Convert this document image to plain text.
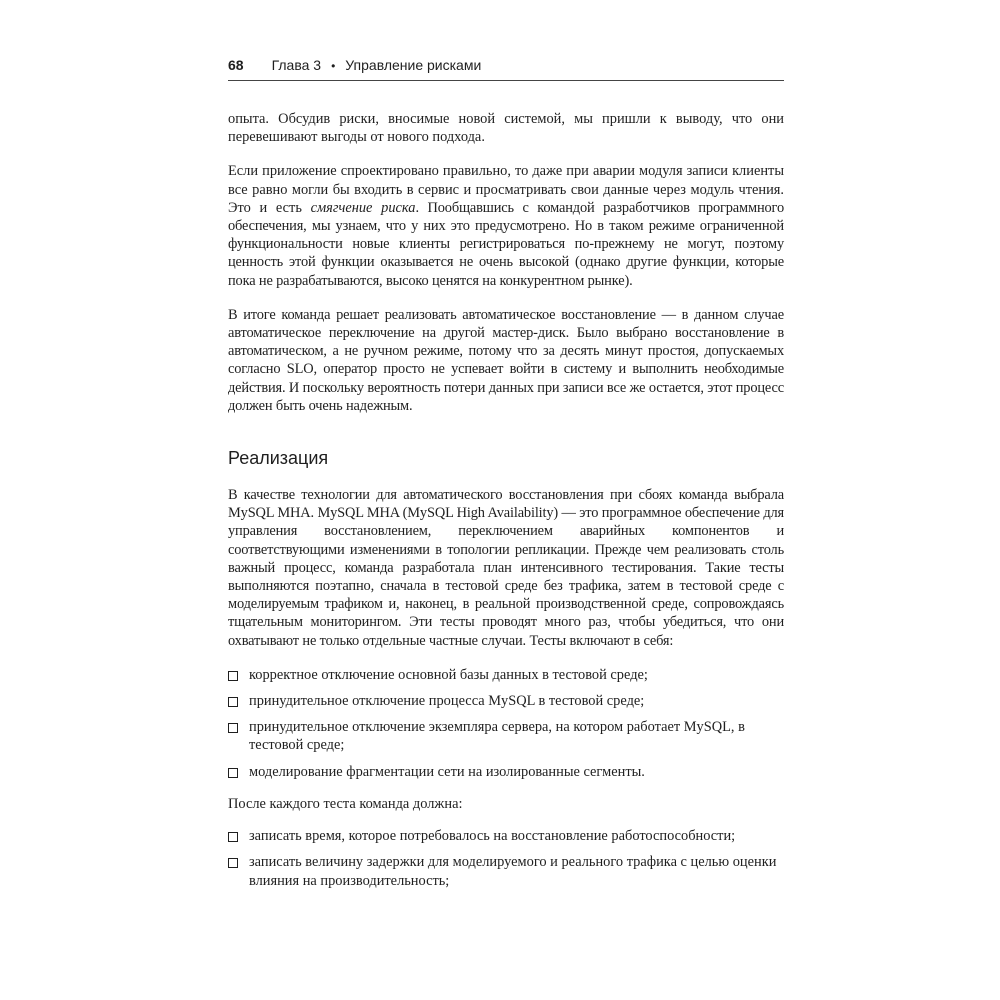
68 Глава 3 • Управление рисками

опыта. Обсудив риски, вносимые новой системой, мы пришли к выводу, что они перевешивают выгоды от нового подхода.

Если приложение спроектировано правильно, то даже при аварии модуля записи клиенты все равно могли бы входить в сервис и просматривать свои данные через модуль чтения. Это и есть смягчение риска. Пообщавшись с командой разработчиков программного обеспечения, мы узнаем, что у них это предусмотрено. Но в таком режиме ограниченной функциональности новые клиенты регистрироваться по-прежнему не могут, поэтому ценность этой функции оказывается не очень высокой (однако другие функции, которые пока не разрабатываются, высоко ценятся на конкурентном рынке).

В итоге команда решает реализовать автоматическое восстановление — в данном случае автоматическое переключение на другой мастер-диск. Было выбрано восстановление в автоматическом, а не ручном режиме, потому что за десять минут простоя, допускаемых согласно SLO, оператор просто не успевает войти в систему и выполнить необходимые действия. И поскольку вероятность потери данных при записи все же остается, этот процесс должен быть очень надежным.

Реализация

В качестве технологии для автоматического восстановления при сбоях команда выбрала MySQL MHA. MySQL MHA (MySQL High Availability) — это программное обеспечение для управления восстановлением, переключением аварийных компонентов и соответствующими изменениями в топологии репликации. Прежде чем реализовать столь важный процесс, команда разработала план интенсивного тестирования. Такие тесты выполняются поэтапно, сначала в тестовой среде без трафика, затем в тестовой среде с моделируемым трафиком и, наконец, в реальной производственной среде, сопровождаясь тщательным мониторингом. Эти тесты проводят много раз, чтобы убедиться, что они охватывают не только отдельные частные случаи. Тесты включают в себя:

корректное отключение основной базы данных в тестовой среде;
принудительное отключение процесса MySQL в тестовой среде;
принудительное отключение экземпляра сервера, на котором работает MySQL, в тестовой среде;
моделирование фрагментации сети на изолированные сегменты.

После каждого теста команда должна:

записать время, которое потребовалось на восстановление работоспособности;
записать величину задержки для моделируемого и реального трафика с целью оценки влияния на производительность;
